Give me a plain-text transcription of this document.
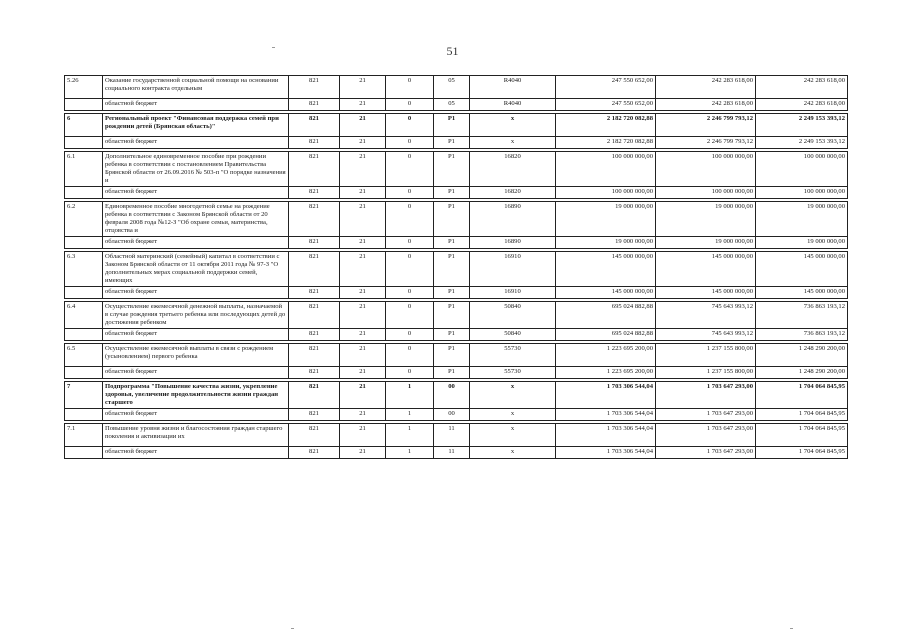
51
5.26	Оказание государственной социальной помощи на основании социального контракта отдельным	821	21	0	05	R4040	247 550 652,00	242 283 618,00	242 283 618,00
	областной бюджет	821	21	0	05	R4040	247 550 652,00	242 283 618,00	242 283 618,00

6	Региональный проект "Финансовая поддержка семей при рождении детей (Брянская область)"	821	21	0	P1	x	2 182 720 082,88	2 246 799 793,12	2 249 153 393,12
	областной бюджет	821	21	0	P1	x	2 182 720 082,88	2 246 799 793,12	2 249 153 393,12

6.1	Дополнительное единовременное пособие при рождении ребенка в соответствии с постановлением Правительства Брянской области от 26.09.2016 № 503-п "О порядке назначения и	821	21	0	P1	16820	100 000 000,00	100 000 000,00	100 000 000,00
	областной бюджет	821	21	0	P1	16820	100 000 000,00	100 000 000,00	100 000 000,00

6.2	Единовременное пособие многодетной семье на рождение ребенка в соответствии с Законом Брянской области от 20 февраля 2008 года №12-З "Об охране семьи, материнства, отцовства и	821	21	0	P1	16890	19 000 000,00	19 000 000,00	19 000 000,00
	областной бюджет	821	21	0	P1	16890	19 000 000,00	19 000 000,00	19 000 000,00

6.3	Областной материнский (семейный) капитал в соответствии с Законом Брянской области от 11 октября 2011 года № 97-З "О дополнительных мерах социальной поддержки семей, имеющих	821	21	0	P1	16910	145 000 000,00	145 000 000,00	145 000 000,00
	областной бюджет	821	21	0	P1	16910	145 000 000,00	145 000 000,00	145 000 000,00

6.4	Осуществление ежемесячной денежной выплаты, назначаемой в случае рождения третьего ребенка или последующих детей до достижения ребенком	821	21	0	P1	50840	695 024 882,88	745 643 993,12	736 863 193,12
	областной бюджет	821	21	0	P1	50840	695 024 882,88	745 643 993,12	736 863 193,12

6.5	Осуществление ежемесячной выплаты в связи с рождением (усыновлением) первого ребенка	821	21	0	P1	55730	1 223 695 200,00	1 237 155 800,00	1 248 290 200,00
	областной бюджет	821	21	0	P1	55730	1 223 695 200,00	1 237 155 800,00	1 248 290 200,00

7	Подпрограмма "Повышение качества жизни, укрепление здоровья, увеличение продолжительности жизни граждан старшего	821	21	1	00	x	1 703 306 544,04	1 703 647 293,00	1 704 064 845,95
	областной бюджет	821	21	1	00	x	1 703 306 544,04	1 703 647 293,00	1 704 064 845,95

7.1	Повышение уровня жизни и благосостояния граждан старшего поколения и активизации их	821	21	1	11	x	1 703 306 544,04	1 703 647 293,00	1 704 064 845,95
	областной бюджет	821	21	1	11	x	1 703 306 544,04	1 703 647 293,00	1 704 064 845,95
